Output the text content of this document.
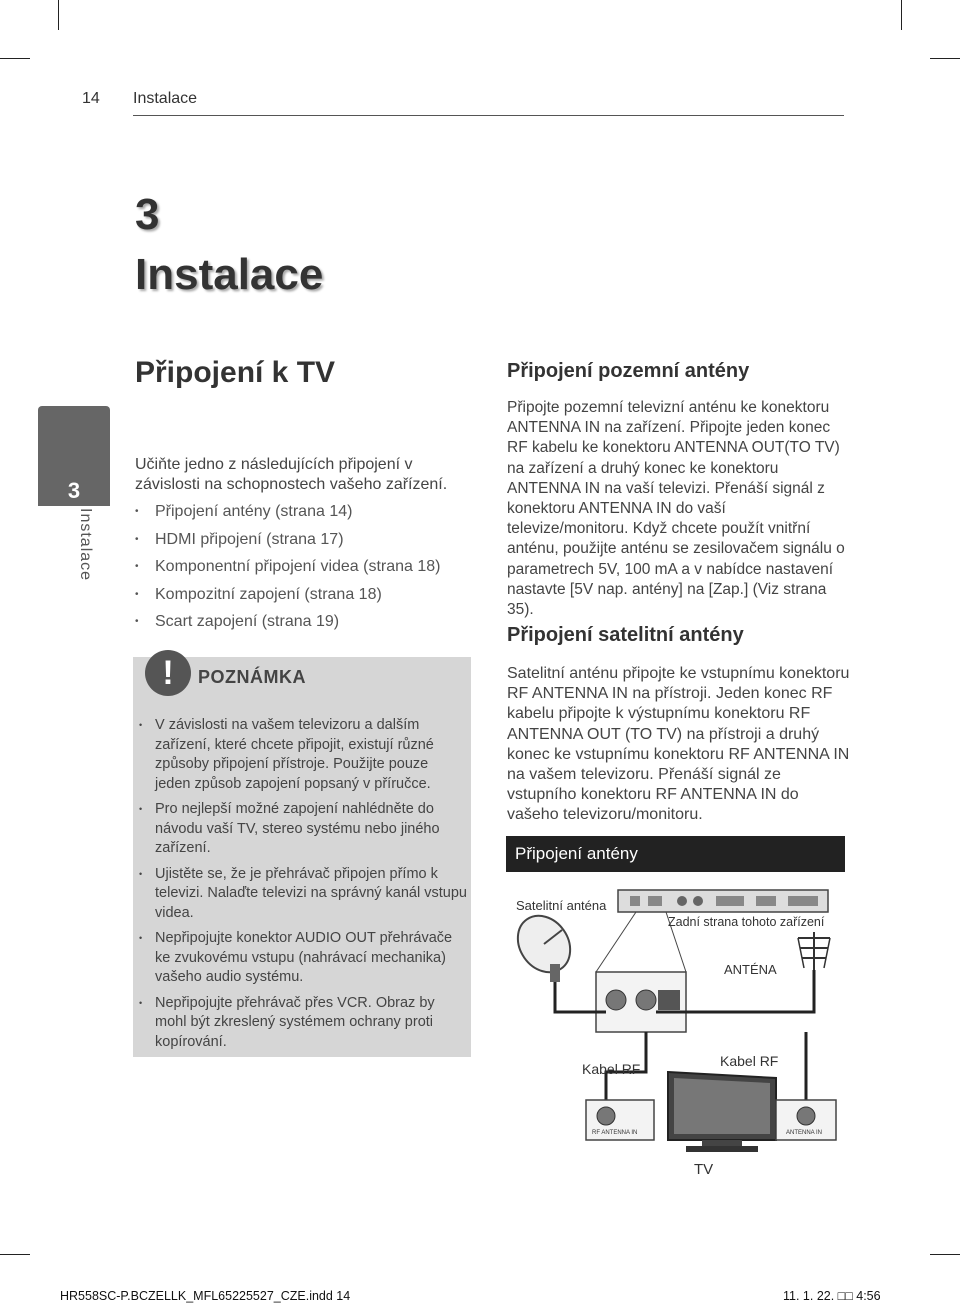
14 Instalace
3
Instalace
3
Instalace
Připojení k TV
Učiňte jedno z následujících připojení v závislosti na schopnostech vašeho zařízení.
• Připojení antény (strana 14)
• HDMI připojení (strana 17)
• Komponentní připojení videa (strana 18)
• Kompozitní zapojení (strana 18)
• Scart zapojení (strana 19)
!	POZNÁMKA
• V závislosti na vašem televizoru a dalším zařízení, které chcete připojit, existují různé způsoby připojení přístroje. Použijte pouze jeden způsob zapojení popsaný v příručce.
• Pro nejlepší možné zapojení nahlédněte do návodu vaší TV, stereo systému nebo jiného zařízení.
• Ujistěte se, že je přehrávač připojen přímo k televizi. Nalaďte televizi na správný kanál vstupu videa.
• Nepřipojujte konektor AUDIO OUT přehrávače ke zvukovému vstupu (nahrávací mechanika) vašeho audio systému.
• Nepřipojujte přehrávač přes VCR. Obraz by mohl být zkreslený systémem ochrany proti kopírování.
Připojení pozemní antény
Připojte pozemní televizní anténu ke konektoru ANTENNA IN na zařízení. Připojte jeden konec RF kabelu ke konektoru ANTENNA OUT(TO TV) na zařízení a druhý konec ke konektoru ANTENNA IN na vaší televizi. Přenáší signál z konektoru ANTENNA IN do vaší televize/monitoru. Když chcete použít vnitřní anténu, použijte anténu se zesilovačem signálu o parametrech 5V, 100 mA a v nabídce nastavení nastavte [5V nap. antény] na [Zap.] (Viz strana 35).
Připojení satelitní antény
Satelitní anténu připojte ke vstupnímu konektoru RF ANTENNA IN na přístroji. Jeden konec RF kabelu připojte k výstupnímu konektoru RF ANTENNA OUT (TO TV) na přístroji a druhý konec ke vstupnímu konektoru RF ANTENNA IN na vašem televizoru. Přenáší signál ze vstupního konektoru RF ANTENNA IN do vašeho televizoru/monitoru.
Připojení antény
RF ANTENNA IN	ANTENNA IN
Satelitní anténa
Zadní strana tohoto zařízení
ANTÉNA
Kabel RF	Kabel RF
TV
HR558SC-P.BCZELLK_MFL65225527_CZE.indd 14	11. 1. 22. □□ 4:56
